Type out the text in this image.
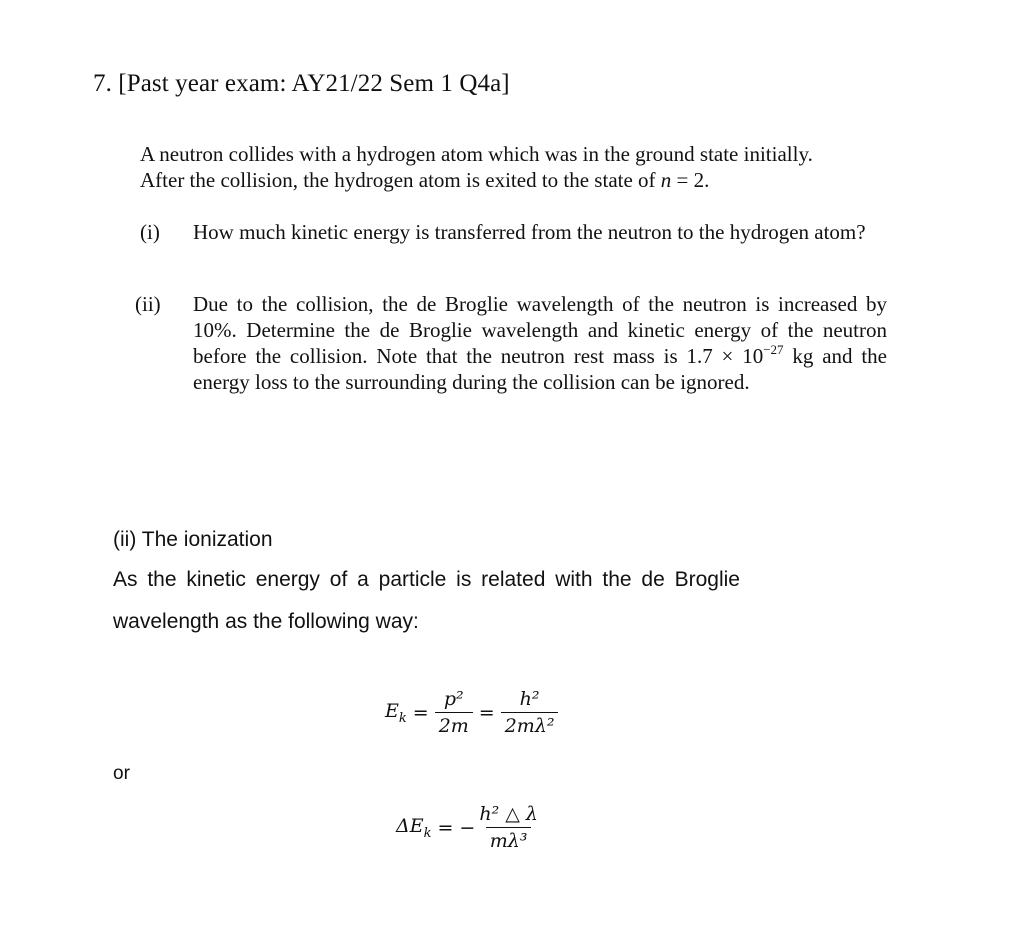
7. [Past year exam: AY21/22 Sem 1 Q4a]
A neutron collides with a hydrogen atom which was in the ground state initially.
After the collision, the hydrogen atom is exited to the state of n = 2.
(i) How much kinetic energy is transferred from the neutron to the hydrogen atom?
(ii) Due to the collision, the de Broglie wavelength of the neutron is increased by 10%. Determine the de Broglie wavelength and kinetic energy of the neutron before the collision. Note that the neutron rest mass is $1.7 \times 10^{-27}$ kg and the energy loss to the surrounding during the collision can be ignored.
(ii) The ionization
As the kinetic energy of a particle is related with the de Broglie
wavelength as the following way:
$E_k = \frac{\text{p²}}{2m} = \frac{\text{h²}}{\text{2mλ²}}$
or
$\Delta E_k$ = − $\frac{\text{h² △ λ}}{\text{mλ³}}$
